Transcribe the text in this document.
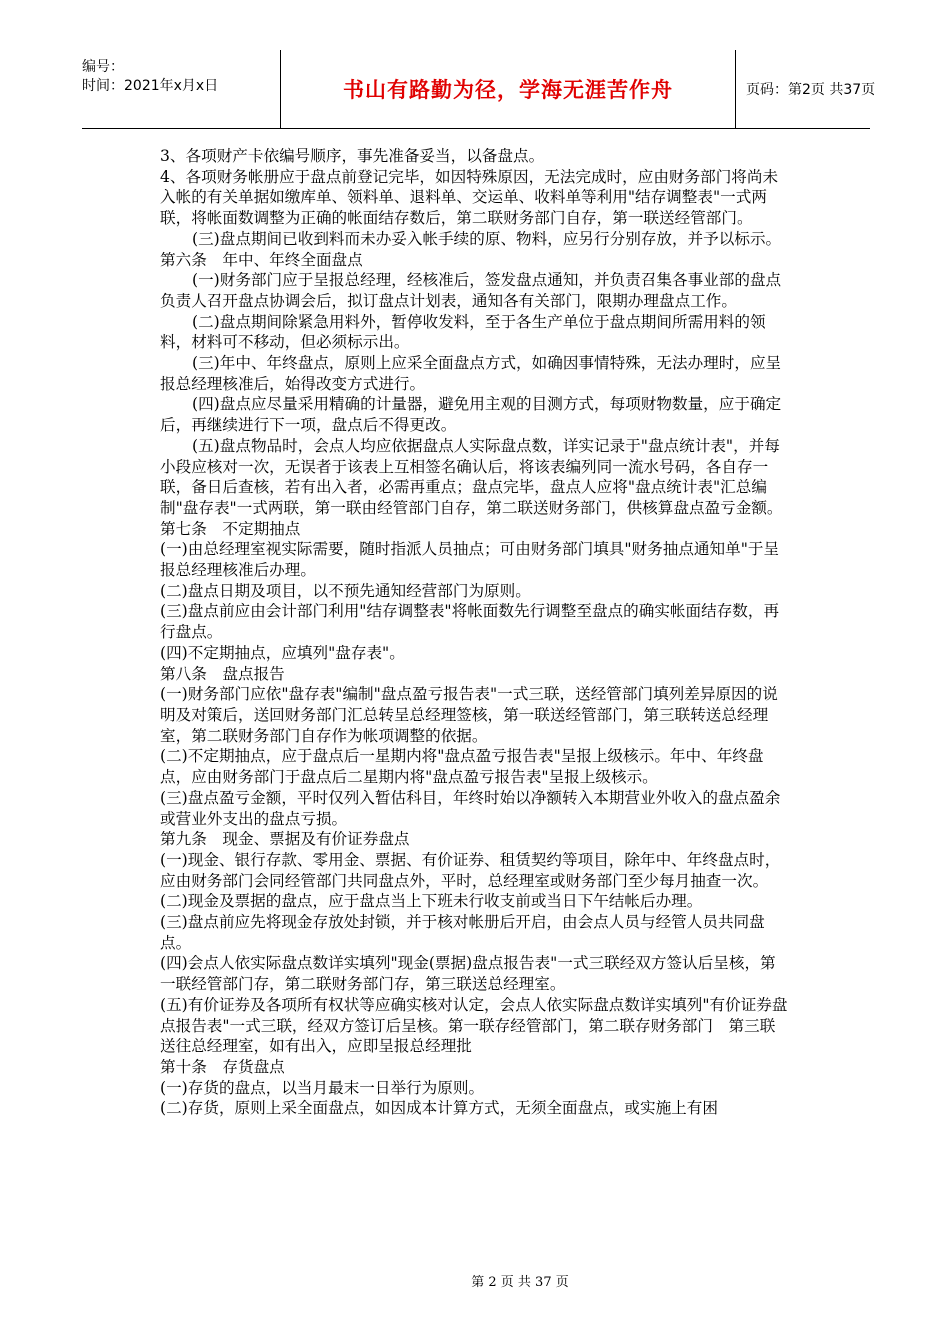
编号：
时间：2021年x月x日	书山有路勤为径，学海无涯苦作舟	页码：第2页 共37页

3、各项财产卡依编号顺序，事先准备妥当，以备盘点。

4、各项财务帐册应于盘点前登记完毕，如因特殊原因，无法完成时，应由财务部门将尚未入帐的有关单据如缴库单、领料单、退料单、交运单、收料单等利用"结存调整表"一式两联，将帐面数调整为正确的帐面结存数后，第二联财务部门自存，第一联送经管部门。

(三)盘点期间已收到料而未办妥入帐手续的原、物料，应另行分别存放，并予以标示。

第六条　年中、年终全面盘点

(一)财务部门应于呈报总经理，经核准后，签发盘点通知，并负责召集各事业部的盘点负责人召开盘点协调会后，拟订盘点计划表，通知各有关部门，限期办理盘点工作。

(二)盘点期间除紧急用料外，暂停收发料，至于各生产单位于盘点期间所需用料的领料，材料可不移动，但必须标示出。

(三)年中、年终盘点，原则上应采全面盘点方式，如确因事情特殊，无法办理时，应呈报总经理核准后，始得改变方式进行。

(四)盘点应尽量采用精确的计量器，避免用主观的目测方式，每项财物数量，应于确定后，再继续进行下一项，盘点后不得更改。

(五)盘点物品时，会点人均应依据盘点人实际盘点数，详实记录于"盘点统计表"，并每小段应核对一次，无误者于该表上互相签名确认后，将该表编列同一流水号码，各自存一联，备日后查核，若有出入者，必需再重点；盘点完毕，盘点人应将"盘点统计表"汇总编制"盘存表"一式两联，第一联由经管部门自存，第二联送财务部门，供核算盘点盈亏金额。

第七条　不定期抽点

(一)由总经理室视实际需要，随时指派人员抽点；可由财务部门填具"财务抽点通知单"于呈报总经理核准后办理。

(二)盘点日期及项目，以不预先通知经营部门为原则。

(三)盘点前应由会计部门利用"结存调整表"将帐面数先行调整至盘点的确实帐面结存数，再行盘点。

(四)不定期抽点，应填列"盘存表"。

第八条　盘点报告

(一)财务部门应依"盘存表"编制"盘点盈亏报告表"一式三联，送经管部门填列差异原因的说明及对策后，送回财务部门汇总转呈总经理签核，第一联送经管部门，第三联转送总经理室，第二联财务部门自存作为帐项调整的依据。

(二)不定期抽点，应于盘点后一星期内将"盘点盈亏报告表"呈报上级核示。年中、年终盘点，应由财务部门于盘点后二星期内将"盘点盈亏报告表"呈报上级核示。

(三)盘点盈亏金额，平时仅列入暂估科目，年终时始以净额转入本期营业外收入的盘点盈余或营业外支出的盘点亏损。

第九条　现金、票据及有价证券盘点

(一)现金、银行存款、零用金、票据、有价证券、租赁契约等项目，除年中、年终盘点时，应由财务部门会同经管部门共同盘点外，平时，总经理室或财务部门至少每月抽查一次。

(二)现金及票据的盘点，应于盘点当上下班未行收支前或当日下午结帐后办理。

(三)盘点前应先将现金存放处封锁，并于核对帐册后开启，由会点人员与经管人员共同盘点。

(四)会点人依实际盘点数详实填列"现金(票据)盘点报告表"一式三联经双方签认后呈核，第一联经管部门存，第二联财务部门存，第三联送总经理室。

(五)有价证券及各项所有权状等应确实核对认定，会点人依实际盘点数详实填列"有价证券盘点报告表"一式三联，经双方签订后呈核。第一联存经管部门，第二联存财务部门　第三联送往总经理室，如有出入，应即呈报总经理批

第十条　存货盘点

(一)存货的盘点，以当月最末一日举行为原则。

(二)存货，原则上采全面盘点，如因成本计算方式，无须全面盘点，或实施上有困

第 2 页 共 37 页
